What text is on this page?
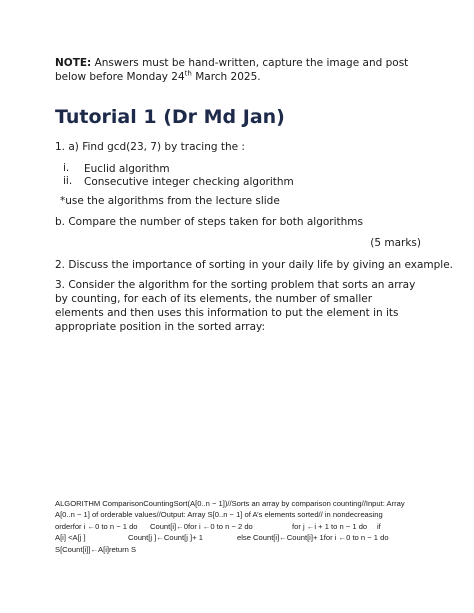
NOTE: Answers must be hand-written, capture the image and post below before Monday 24th March 2025.
Tutorial 1 (Dr Md Jan)
1. a) Find gcd(23, 7) by tracing the :
i. Euclid algorithm
ii. Consecutive integer checking algorithm
*use the algorithms from the lecture slide
b. Compare the number of steps taken for both algorithms
(5 marks)
2. Discuss the importance of sorting in your daily life by giving an example.
3. Consider the algorithm for the sorting problem that sorts an array by counting, for each of its elements, the number of smaller elements and then uses this information to put the element in its appropriate position in the sorted array:
ALGORITHM ComparisonCountingSort(A[0..n − 1])//Sorts an array by comparison counting//Input: Array
A[0..n − 1] of orderable values//Output: Array S[0..n − 1] of A’s elements sorted// in nondecreasing
orderfor i ←0 to n − 1 do Count[i]←0for i ←0 to n − 2 do	for j ←i + 1 to n − 1 do if
A[i] <A[j ]	Count[j ]←Count[j ]+ 1	else Count[i]←Count[i]+ 1for i ←0 to n − 1 do
S[Count[i]]←A[i]return S
